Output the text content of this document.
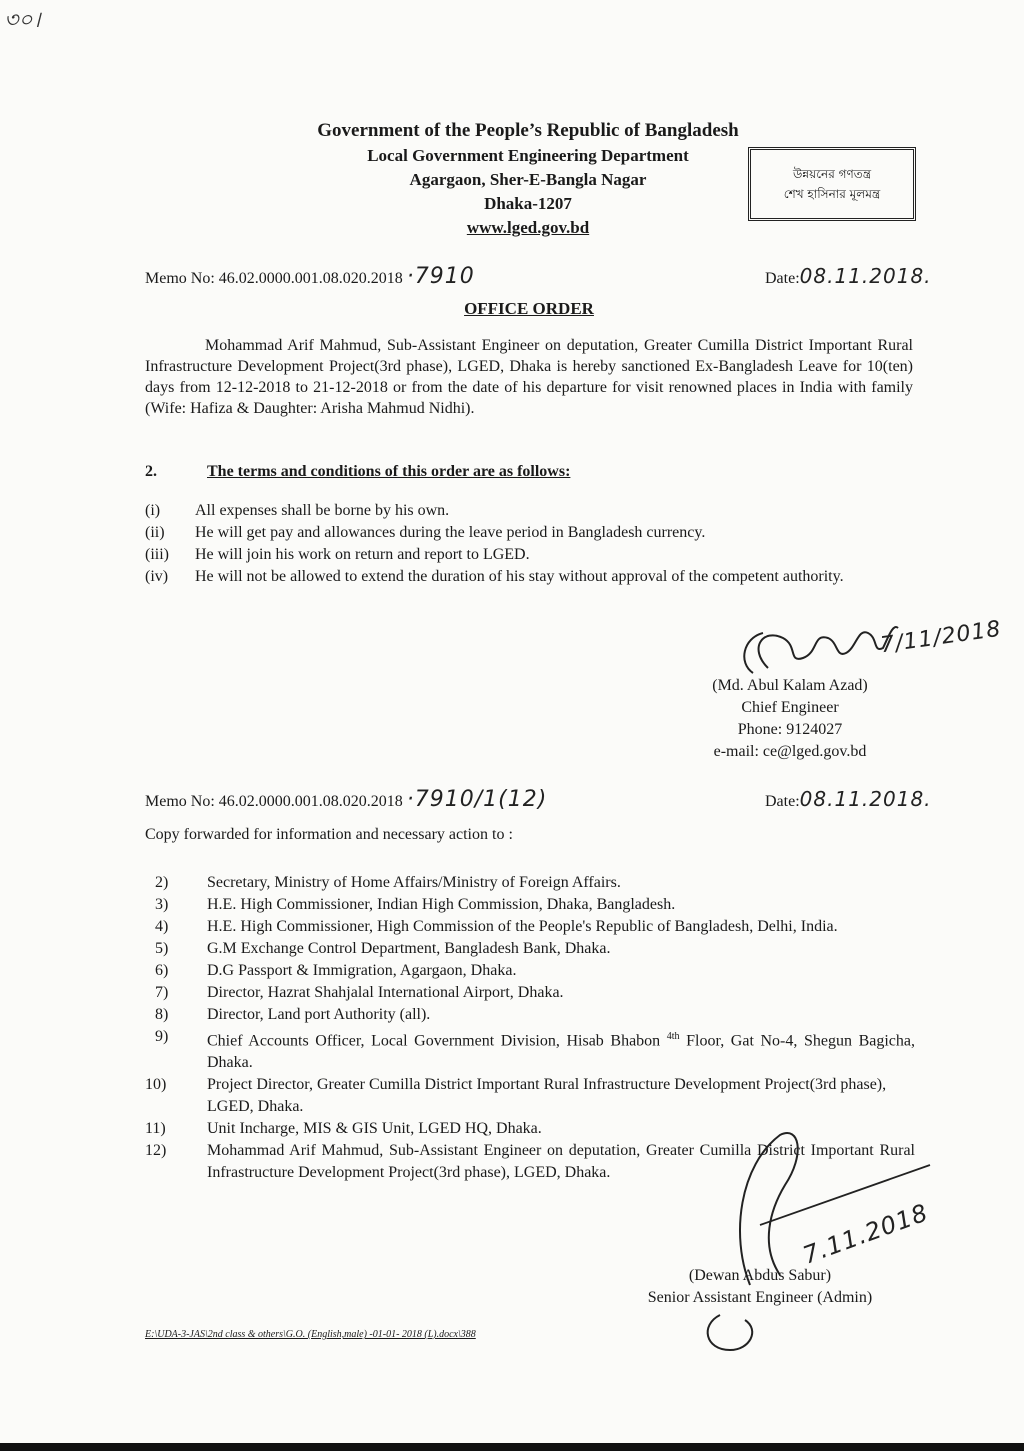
৩০।
Government of the People’s Republic of Bangladesh
Local Government Engineering Department
Agargaon, Sher-E-Bangla Nagar
Dhaka-1207
www.lged.gov.bd
উন্নয়নের গণতন্ত্র
শেখ হাসিনার মূলমন্ত্র
Memo No: 46.02.0000.001.08.020.2018 ·7910	Date:08.11.2018.
OFFICE ORDER
Mohammad Arif Mahmud, Sub-Assistant Engineer on deputation, Greater Cumilla District Important Rural Infrastructure Development Project(3rd phase), LGED, Dhaka is hereby sanctioned Ex-Bangladesh Leave for 10(ten) days from 12-12-2018 to 21-12-2018 or from the date of his departure for visit renowned places in India with family (Wife: Hafiza & Daughter: Arisha Mahmud Nidhi).
2.	The terms and conditions of this order are as follows:
(i)	All expenses shall be borne by his own.
(ii)	He will get pay and allowances during the leave period in Bangladesh currency.
(iii)	He will join his work on return and report to LGED.
(iv)	He will not be allowed to extend the duration of his stay without approval of the competent authority.
7/11/2018
(Md. Abul Kalam Azad)
Chief Engineer
Phone: 9124027
e-mail: ce@lged.gov.bd
Memo No: 46.02.0000.001.08.020.2018 ·7910/1(12)	Date:08.11.2018.
Copy forwarded for information and necessary action to :
2)	Secretary, Ministry of Home Affairs/Ministry of Foreign Affairs.
3)	H.E. High Commissioner, Indian High Commission, Dhaka, Bangladesh.
4)	H.E. High Commissioner, High Commission of the People's Republic of Bangladesh, Delhi, India.
5)	G.M Exchange Control Department, Bangladesh Bank, Dhaka.
6)	D.G Passport & Immigration, Agargaon, Dhaka.
7)	Director, Hazrat Shahjalal International Airport, Dhaka.
8)	Director, Land port Authority (all).
9)	Chief Accounts Officer, Local Government Division, Hisab Bhabon $^{4th}$ Floor, Gat No-4, Shegun Bagicha, Dhaka.
10)	Project Director, Greater Cumilla District Important Rural Infrastructure Development Project(3rd phase), LGED, Dhaka.
11)	Unit Incharge, MIS & GIS Unit, LGED HQ, Dhaka.
12)	Mohammad Arif Mahmud, Sub-Assistant Engineer on deputation, Greater Cumilla District Important Rural Infrastructure Development Project(3rd phase), LGED, Dhaka.
7.11.2018
(Dewan Abdus Sabur)
Senior Assistant Engineer (Admin)
E:\UDA-3-JAS\2nd class & others\G.O. (English,male) -01-01- 2018 (L).docx\388
